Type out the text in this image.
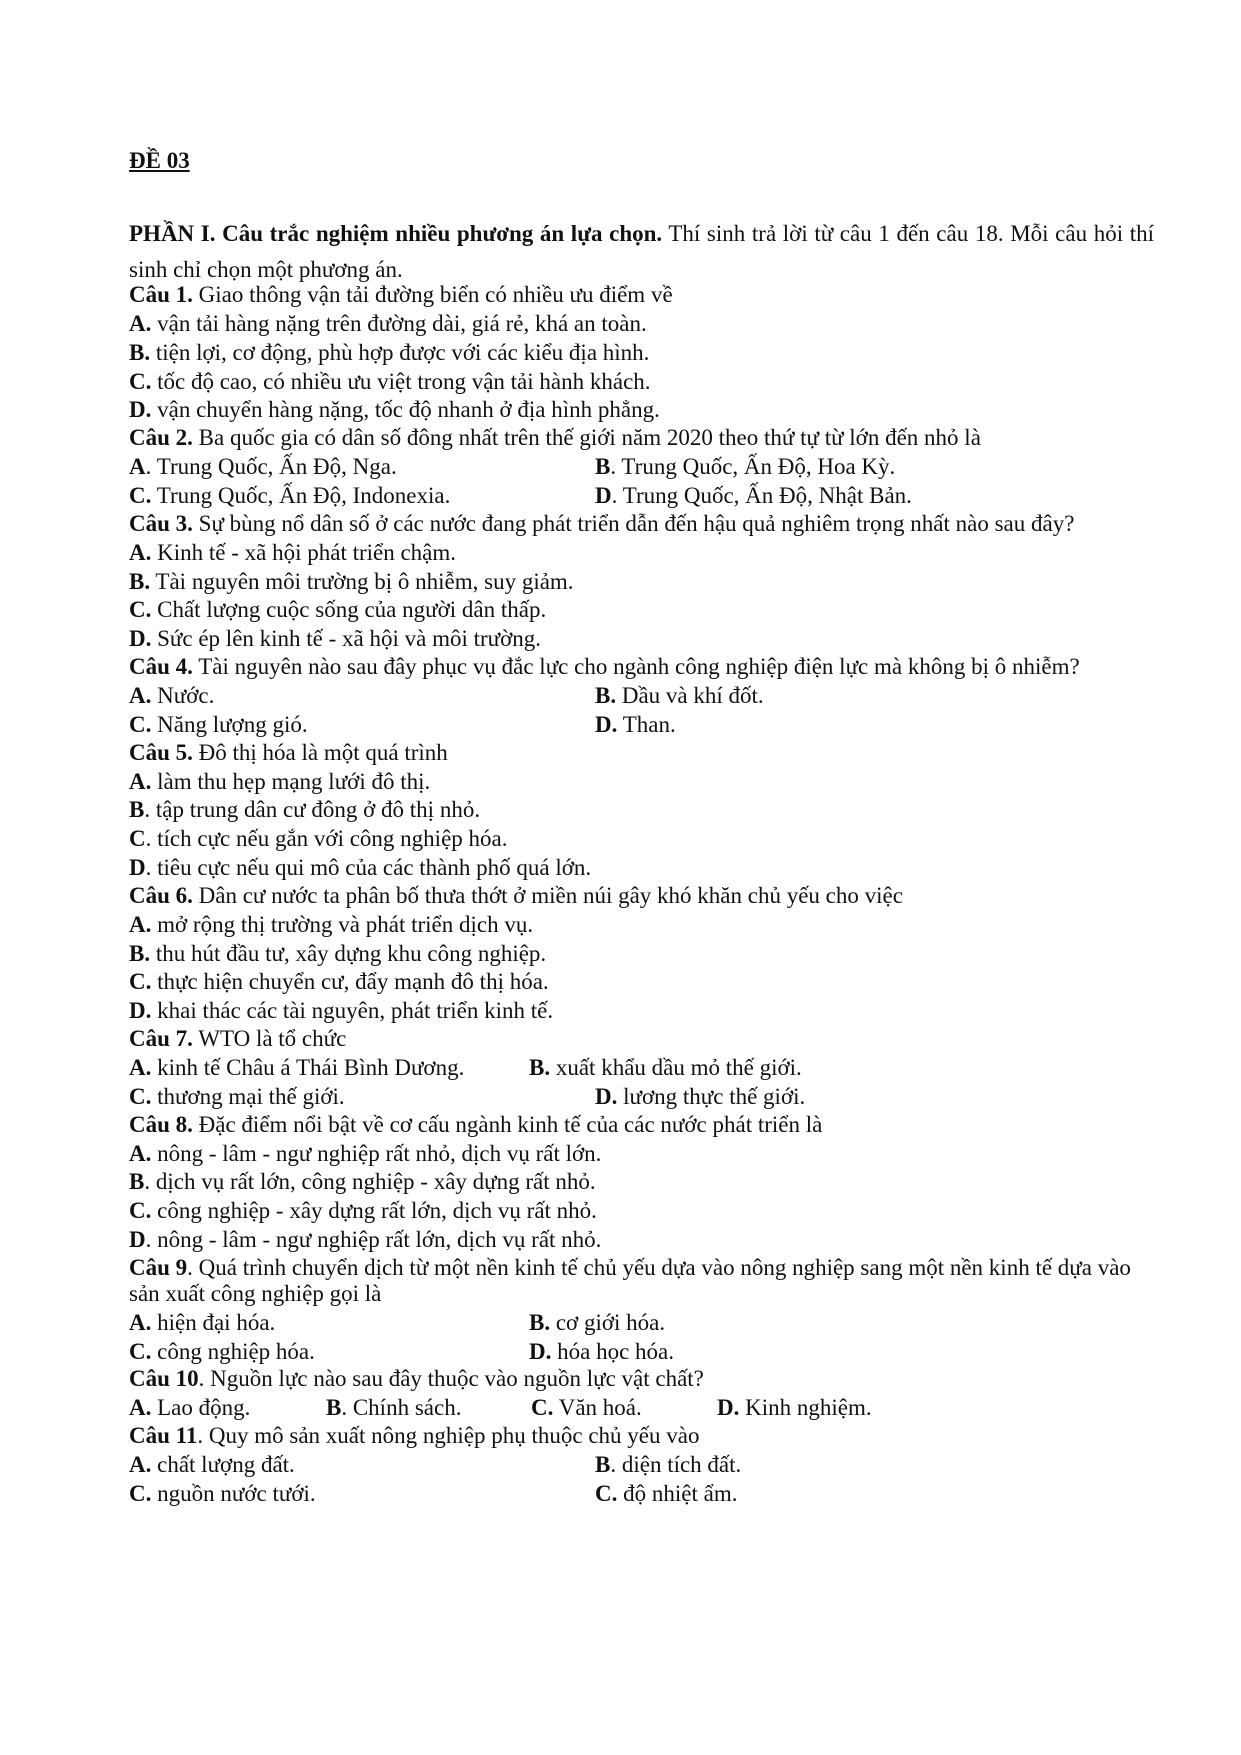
ĐỀ 03
PHẦN I. Câu trắc nghiệm nhiều phương án lựa chọn. Thí sinh trả lời từ câu 1 đến câu 18. Mỗi câu hỏi thí sinh chỉ chọn một phương án.
Câu 1. Giao thông vận tải đường biển có nhiều ưu điểm về
A. vận tải hàng nặng trên đường dài, giá rẻ, khá an toàn.
B. tiện lợi, cơ động, phù hợp được với các kiểu địa hình.
C. tốc độ cao, có nhiều ưu việt trong vận tải hành khách.
D. vận chuyển hàng nặng, tốc độ nhanh ở địa hình phẳng.
Câu 2. Ba quốc gia có dân số đông nhất trên thế giới năm 2020 theo thứ tự từ lớn đến nhỏ là
A. Trung Quốc, Ấn Độ, Nga.	B. Trung Quốc, Ấn Độ, Hoa Kỳ.
C. Trung Quốc, Ấn Độ, Indonexia.	D. Trung Quốc, Ấn Độ, Nhật Bản.
Câu 3. Sự bùng nổ dân số ở các nước đang phát triển dẫn đến hậu quả nghiêm trọng nhất nào sau đây?
A. Kinh tế - xã hội phát triển chậm.
B. Tài nguyên môi trường bị ô nhiễm, suy giảm.
C. Chất lượng cuộc sống của người dân thấp.
D. Sức ép lên kinh tế - xã hội và môi trường.
Câu 4. Tài nguyên nào sau đây phục vụ đắc lực cho ngành công nghiệp điện lực mà không bị ô nhiễm?
A. Nước.	B. Dầu và khí đốt.
C. Năng lượng gió.	D. Than.
Câu 5. Đô thị hóa là một quá trình
A. làm thu hẹp mạng lưới đô thị.
B. tập trung dân cư đông ở đô thị nhỏ.
C. tích cực nếu gắn với công nghiệp hóa.
D. tiêu cực nếu qui mô của các thành phố quá lớn.
Câu 6. Dân cư nước ta phân bố thưa thớt ở miền núi gây khó khăn chủ yếu cho việc
A. mở rộng thị trường và phát triển dịch vụ.
B. thu hút đầu tư, xây dựng khu công nghiệp.
C. thực hiện chuyển cư, đẩy mạnh đô thị hóa.
D. khai thác các tài nguyên, phát triển kinh tế.
Câu 7. WTO là tổ chức
A. kinh tế Châu á Thái Bình Dương.	B. xuất khẩu dầu mỏ thế giới.
C. thương mại thế giới.	D. lương thực thế giới.
Câu 8. Đặc điểm nổi bật về cơ cấu ngành kinh tế của các nước phát triển là
A. nông - lâm - ngư nghiệp rất nhỏ, dịch vụ rất lớn.
B. dịch vụ rất lớn, công nghiệp - xây dựng rất nhỏ.
C. công nghiệp - xây dựng rất lớn, dịch vụ rất nhỏ.
D. nông - lâm - ngư nghiệp rất lớn, dịch vụ rất nhỏ.
Câu 9. Quá trình chuyển dịch từ một nền kinh tế chủ yếu dựa vào nông nghiệp sang một nền kinh tế dựa vào sản xuất công nghiệp gọi là
A. hiện đại hóa.	B. cơ giới hóa.
C. công nghiệp hóa.	D. hóa học hóa.
Câu 10. Nguồn lực nào sau đây thuộc vào nguồn lực vật chất?
A. Lao động.	B. Chính sách.	C. Văn hoá.	D. Kinh nghiệm.
Câu 11. Quy mô sản xuất nông nghiệp phụ thuộc chủ yếu vào
A. chất lượng đất.	B. diện tích đất.
C. nguồn nước tưới.	C. độ nhiệt ẩm.
